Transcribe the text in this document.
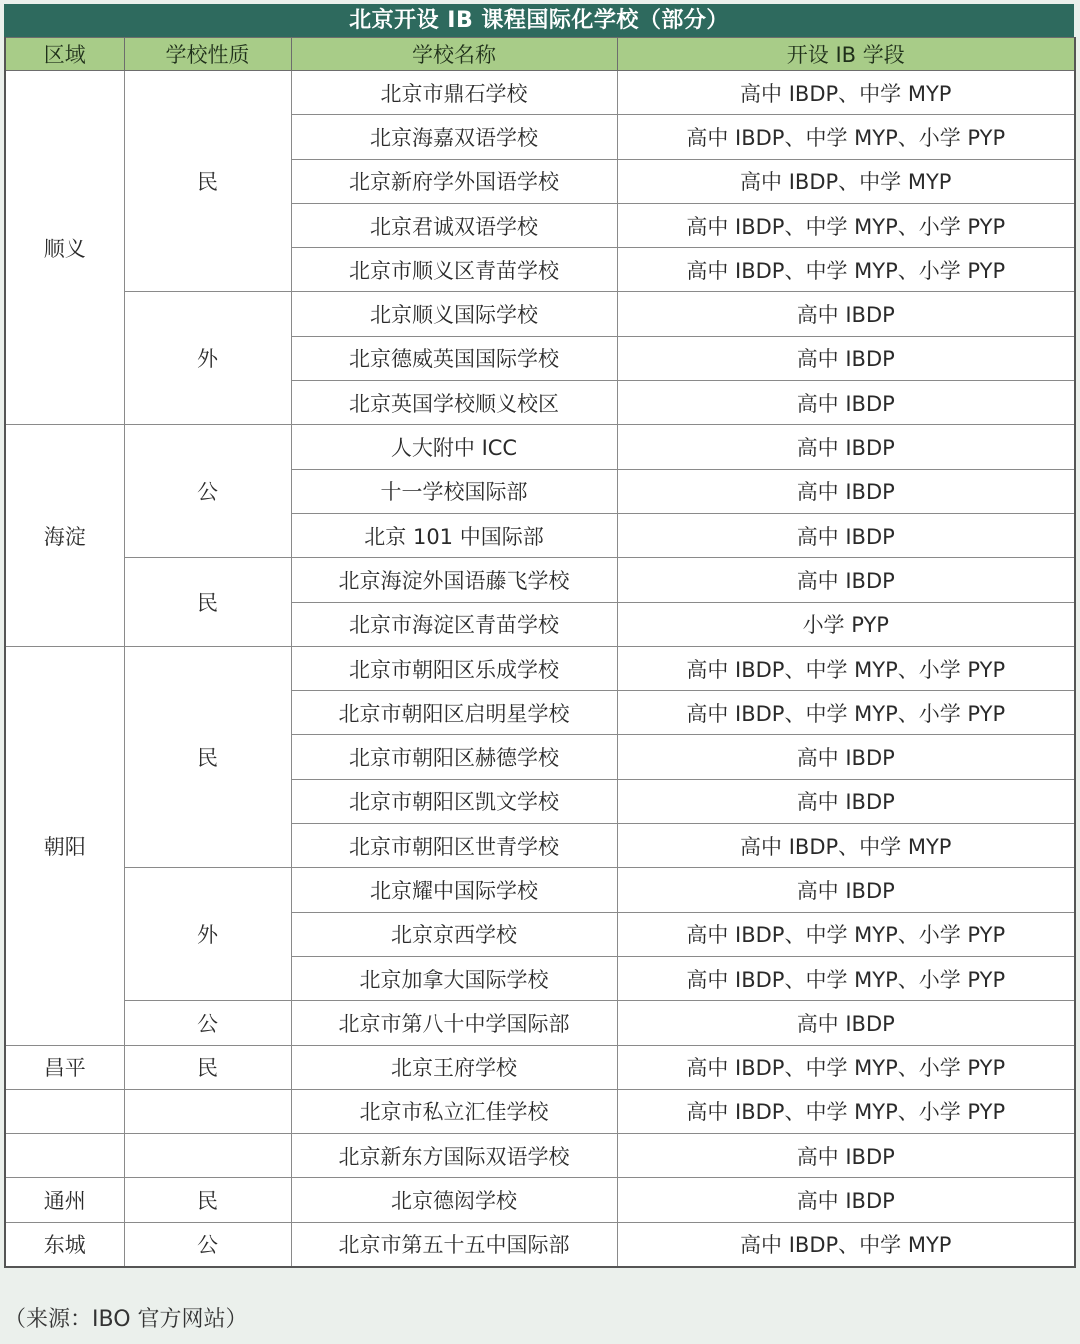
北京开设 IB 课程国际化学校（部分）
区域	学校性质	学校名称	开设 IB 学段
顺义	民	北京市鼎石学校	高中 IBDP、中学 MYP
		北京海嘉双语学校	高中 IBDP、中学 MYP、小学 PYP
		北京新府学外国语学校	高中 IBDP、中学 MYP
		北京君诚双语学校	高中 IBDP、中学 MYP、小学 PYP
		北京市顺义区青苗学校	高中 IBDP、中学 MYP、小学 PYP
	外	北京顺义国际学校	高中 IBDP
		北京德威英国国际学校	高中 IBDP
		北京英国学校顺义校区	高中 IBDP
海淀	公	人大附中 ICC	高中 IBDP
		十一学校国际部	高中 IBDP
		北京 101 中国际部	高中 IBDP
	民	北京海淀外国语藤飞学校	高中 IBDP
		北京市海淀区青苗学校	小学 PYP
朝阳	民	北京市朝阳区乐成学校	高中 IBDP、中学 MYP、小学 PYP
		北京市朝阳区启明星学校	高中 IBDP、中学 MYP、小学 PYP
		北京市朝阳区赫德学校	高中 IBDP
		北京市朝阳区凯文学校	高中 IBDP
		北京市朝阳区世青学校	高中 IBDP、中学 MYP
	外	北京耀中国际学校	高中 IBDP
		北京京西学校	高中 IBDP、中学 MYP、小学 PYP
		北京加拿大国际学校	高中 IBDP、中学 MYP、小学 PYP
	公	北京市第八十中学国际部	高中 IBDP
昌平	民	北京王府学校	高中 IBDP、中学 MYP、小学 PYP
		北京市私立汇佳学校	高中 IBDP、中学 MYP、小学 PYP
		北京新东方国际双语学校	高中 IBDP
通州	民	北京德闳学校	高中 IBDP
东城	公	北京市第五十五中国际部	高中 IBDP、中学 MYP
（来源：IBO 官方网站）
